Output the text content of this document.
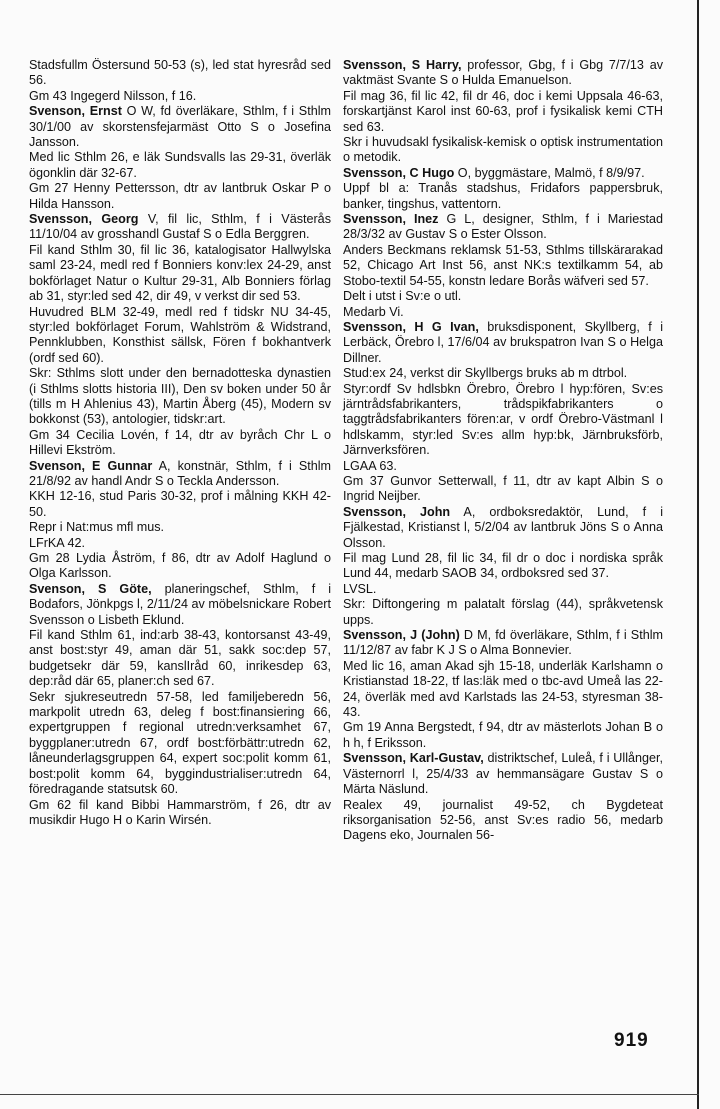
Stadsfullm Östersund 50-53 (s), led stat hyresråd sed 56.

Gm 43 Ingegerd Nilsson, f 16.

Svenson, Ernst O W, fd överläkare, Sthlm, f i Sthlm 30/1/00 av skorstensfejarmäst Otto S o Josefina Jansson.

Med lic Sthlm 26, e läk Sundsvalls las 29-31, överläk ögonklin där 32-67.

Gm 27 Henny Pettersson, dtr av lantbruk Oskar P o Hilda Hansson.

Svensson, Georg V, fil lic, Sthlm, f i Västerås 11/10/04 av grosshandl Gustaf S o Edla Berggren.

Fil kand Sthlm 30, fil lic 36, katalogisator Hallwylska saml 23-24, medl red f Bonniers konv:lex 24-29, anst bokförlaget Natur o Kultur 29-31, Alb Bonniers förlag ab 31, styr:led sed 42, dir 49, v verkst dir sed 53.

Huvudred BLM 32-49, medl red f tidskr NU 34-45, styr:led bokförlaget Forum, Wahlström & Widstrand, Pennklubben, Konsthist sällsk, Fören f bokhantverk (ordf sed 60).

Skr: Sthlms slott under den bernadotteska dynastien (i Sthlms slotts historia III), Den sv boken under 50 år (tills m H Ahlenius 43), Martin Åberg (45), Modern sv bokkonst (53), antologier, tidskr:art.

Gm 34 Cecilia Lovén, f 14, dtr av byråch Chr L o Hillevi Ekström.

Svenson, E Gunnar A, konstnär, Sthlm, f i Sthlm 21/8/92 av handl Andr S o Teckla Andersson.

KKH 12-16, stud Paris 30-32, prof i målning KKH 42-50.

Repr i Nat:mus mfl mus.

LFrKA 42.

Gm 28 Lydia Åström, f 86, dtr av Adolf Haglund o Olga Karlsson.

Svenson, S Göte, planeringschef, Sthlm, f i Bodafors, Jönkpgs l, 2/11/24 av möbelsnickare Robert Svensson o Lisbeth Eklund.

Fil kand Sthlm 61, ind:arb 38-43, kontorsanst 43-49, anst bost:styr 49, aman där 51, sakk soc:dep 57, budgetsekr där 59, kanslIråd 60, inrikesdep 63, dep:råd där 65, planer:ch sed 67.

Sekr sjukreseutredn 57-58, led familjeberedn 56, markpolit utredn 63, deleg f bost:finansiering 66, expertgruppen f regional utredn:verksamhet 67, byggplaner:utredn 67, ordf bost:förbättr:utredn 62, låneunderlagsgruppen 64, expert soc:polit komm 61, bost:polit komm 64, byggindustrialiser:utredn 64, föredragande statsutsk 60.

Gm 62 fil kand Bibbi Hammarström, f 26, dtr av musikdir Hugo H o Karin Wirsén.

Svensson, S Harry, professor, Gbg, f i Gbg 7/7/13 av vaktmäst Svante S o Hulda Emanuelson.

Fil mag 36, fil lic 42, fil dr 46, doc i kemi Uppsala 46-63, forskartjänst Karol inst 60-63, prof i fysikalisk kemi CTH sed 63.

Skr i huvudsakl fysikalisk-kemisk o optisk instrumentation o metodik.

Svensson, C Hugo O, byggmästare, Malmö, f 8/9/97.

Uppf bl a: Tranås stadshus, Fridafors pappersbruk, banker, tingshus, vattentorn.

Svensson, Inez G L, designer, Sthlm, f i Mariestad 28/3/32 av Gustav S o Ester Olsson.

Anders Beckmans reklamsk 51-53, Sthlms tillskärarakad 52, Chicago Art Inst 56, anst NK:s textilkamm 54, ab Stobo-textil 54-55, konstn ledare Borås wäfveri sed 57.

Delt i utst i Sv:e o utl.

Medarb Vi.

Svensson, H G Ivan, bruksdisponent, Skyllberg, f i Lerbäck, Örebro l, 17/6/04 av brukspatron Ivan S o Helga Dillner.

Stud:ex 24, verkst dir Skyllbergs bruks ab m dtrbol.

Styr:ordf Sv hdlsbkn Örebro, Örebro l hyp:fören, Sv:es järntrådsfabrikanters, trådspikfabrikanters o taggtrådsfabrikanters fören:ar, v ordf Örebro-Västmanl l hdlskamm, styr:led Sv:es allm hyp:bk, Järnbruksförb, Järnverksfören.

LGAA 63.

Gm 37 Gunvor Setterwall, f 11, dtr av kapt Albin S o Ingrid Neijber.

Svensson, John A, ordboksredaktör, Lund, f i Fjälkestad, Kristianst l, 5/2/04 av lantbruk Jöns S o Anna Olsson.

Fil mag Lund 28, fil lic 34, fil dr o doc i nordiska språk Lund 44, medarb SAOB 34, ordboksred sed 37.

LVSL.

Skr: Diftongering m palatalt förslag (44), språkvetensk upps.

Svensson, J (John) D M, fd överläkare, Sthlm, f i Sthlm 11/12/87 av fabr K J S o Alma Bonnevier.

Med lic 16, aman Akad sjh 15-18, underläk Karlshamn o Kristianstad 18-22, tf las:läk med o tbc-avd Umeå las 22-24, överläk med avd Karlstads las 24-53, styresman 38-43.

Gm 19 Anna Bergstedt, f 94, dtr av mästerlots Johan B o h h, f Eriksson.

Svensson, Karl-Gustav, distriktschef, Luleå, f i Ullånger, Västernorrl l, 25/4/33 av hemmansägare Gustav S o Märta Näslund.

Realex 49, journalist 49-52, ch Bygdeteat riksorganisation 52-56, anst Sv:es radio 56, medarb Dagens eko, Journalen 56-

919
